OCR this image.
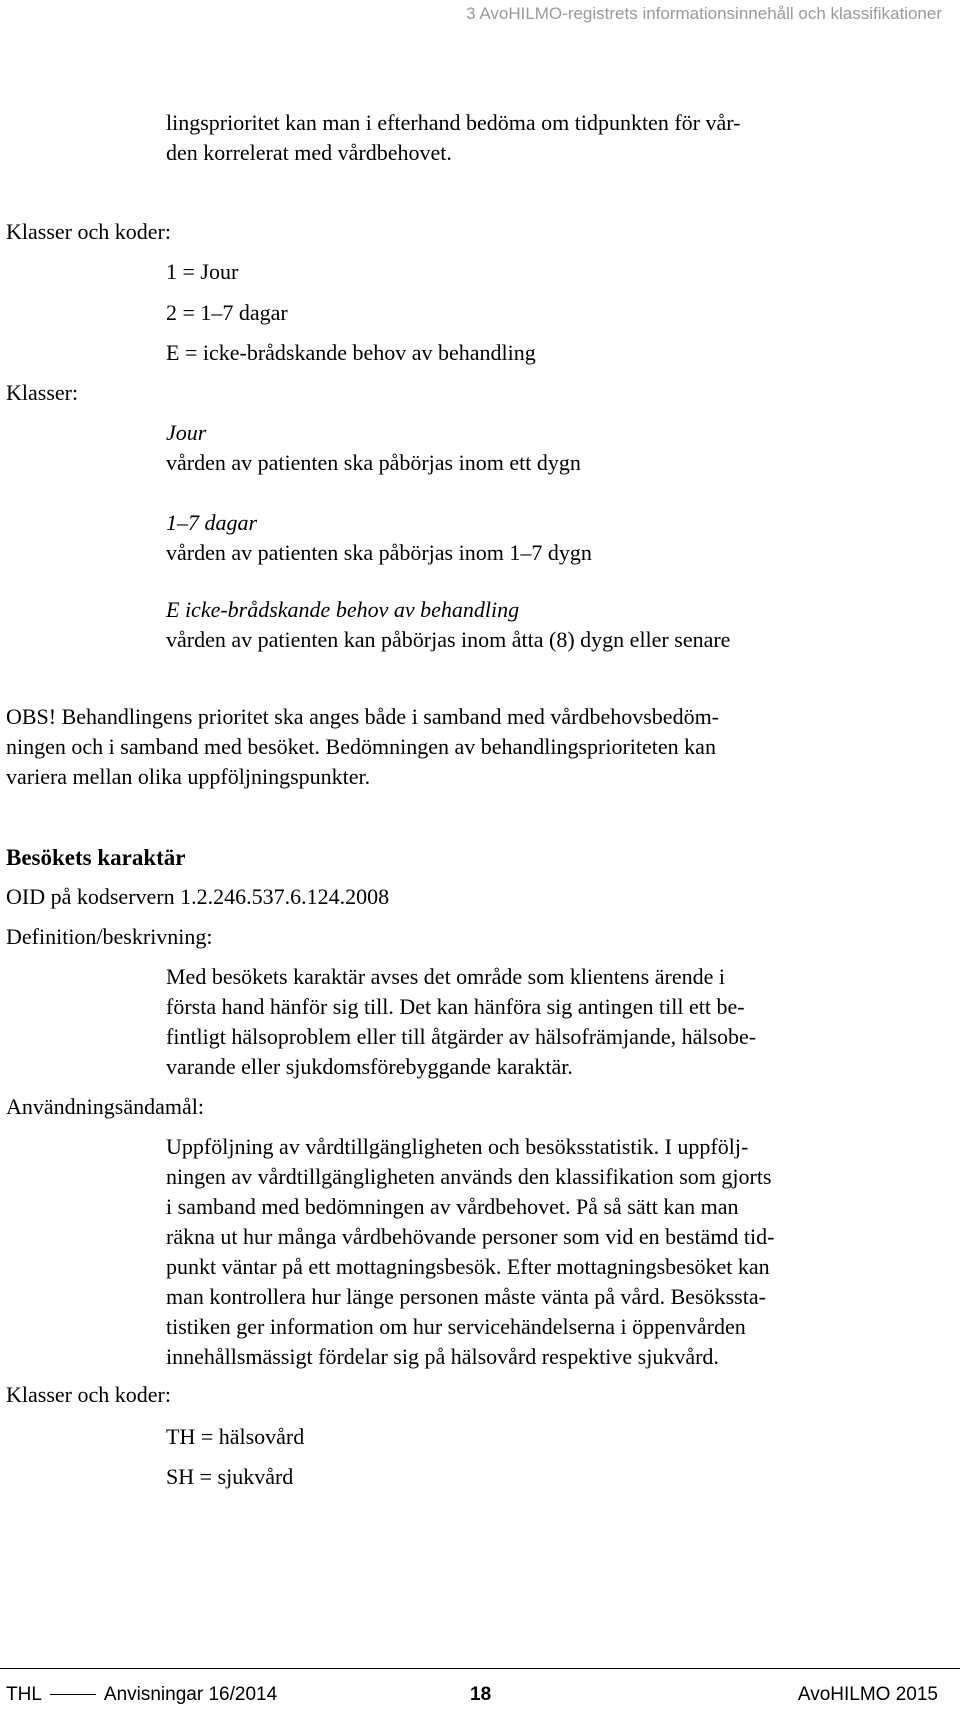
3 AvoHILMO-registrets informationsinnehåll och klassifikationer
lingsprioritet kan man i efterhand bedöma om tidpunkten för vår-
den korrelerat med vårdbehovet.
Klasser och koder:
1 = Jour
2 = 1–7 dagar
E = icke-brådskande behov av behandling
Klasser:
Jour
vården av patienten ska påbörjas inom ett dygn
1–7 dagar
vården av patienten ska påbörjas inom 1–7 dygn
E icke-brådskande behov av behandling
vården av patienten kan påbörjas inom åtta (8) dygn eller senare
OBS! Behandlingens prioritet ska anges både i samband med vårdbehovsbedöm-
ningen och i samband med besöket. Bedömningen av behandlingsprioriteten kan
variera mellan olika uppföljningspunkter.
Besökets karaktär
OID på kodservern 1.2.246.537.6.124.2008
Definition/beskrivning:
Med besökets karaktär avses det område som klientens ärende i
första hand hänför sig till. Det kan hänföra sig antingen till ett be-
fintligt hälsoproblem eller till åtgärder av hälsofrämjande, hälsobe-
varande eller sjukdomsförebyggande karaktär.
Användningsändamål:
Uppföljning av vårdtillgängligheten och besöksstatistik. I uppfölj-
ningen av vårdtillgängligheten används den klassifikation som gjorts
i samband med bedömningen av vårdbehovet. På så sätt kan man
räkna ut hur många vårdbehövande personer som vid en bestämd tid-
punkt väntar på ett mottagningsbesök. Efter mottagningsbesöket kan
man kontrollera hur länge personen måste vänta på vård. Besöksstа-
tistiken ger information om hur servicehändelserna i öppenvården
innehållsmässigt fördelar sig på hälsovård respektive sjukvård.
Klasser och koder:
TH = hälsovård
SH = sjukvård
THL	Anvisningar 16/2014	18	AvoHILMO 2015
